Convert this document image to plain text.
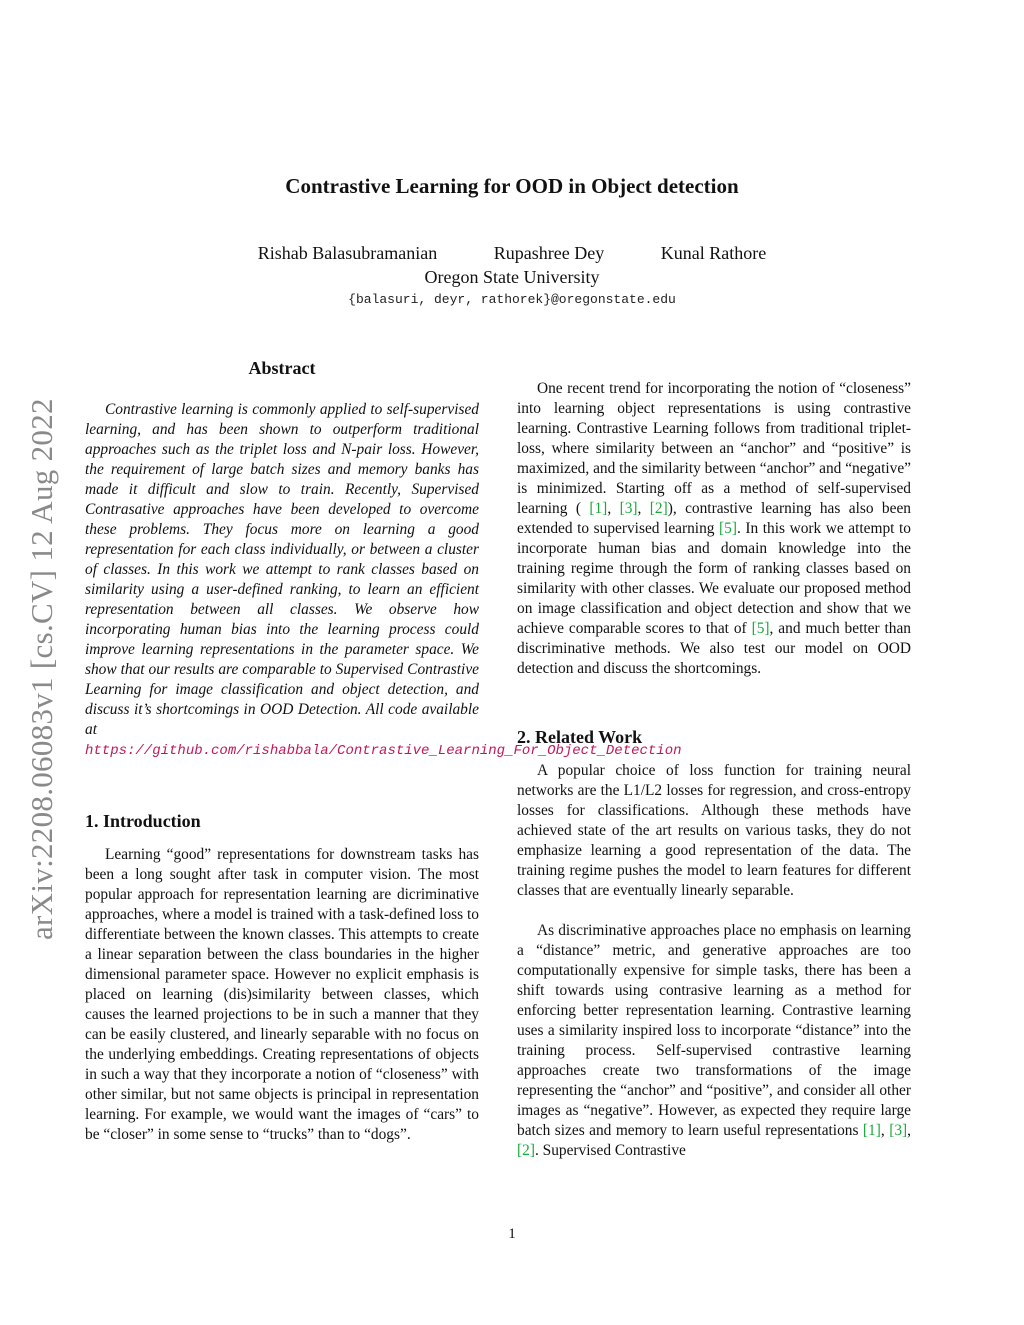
Contrastive Learning for OOD in Object detection
Rishab Balasubramanian	Rupashree Dey	Kunal Rathore
Oregon State University
{balasuri, deyr, rathorek}@oregonstate.edu
arXiv:2208.06083v1 [cs.CV] 12 Aug 2022
Abstract

Contrastive learning is commonly applied to self-supervised learning, and has been shown to outperform traditional approaches such as the triplet loss and N-pair loss. However, the requirement of large batch sizes and memory banks has made it difficult and slow to train. Recently, Supervised Contrasative approaches have been developed to overcome these problems. They focus more on learning a good representation for each class individually, or between a cluster of classes. In this work we attempt to rank classes based on similarity using a user-defined ranking, to learn an efficient representation between all classes. We observe how incorporating human bias into the learning process could improve learning representations in the parameter space. We show that our results are comparable to Supervised Contrastive Learning for image classification and object detection, and discuss it’s shortcomings in OOD Detection. All code available at https://github.com/rishabbala/Contrastive_Learning_For_Object_Detection

1. Introduction

Learning “good” representations for downstream tasks has been a long sought after task in computer vision. The most popular approach for representation learning are dicriminative approaches, where a model is trained with a task-defined loss to differentiate between the known classes. This attempts to create a linear separation between the class boundaries in the higher dimensional parameter space. However no explicit emphasis is placed on learning (dis)similarity between classes, which causes the learned projections to be in such a manner that they can be easily clustered, and linearly separable with no focus on the underlying embeddings. Creating representations of objects in such a way that they incorporate a notion of “closeness” with other similar, but not same objects is principal in representation learning. For example, we would want the images of “cars” to be “closer” in some sense to “trucks” than to “dogs”.

One recent trend for incorporating the notion of “closeness” into learning object representations is using contrastive learning. Contrastive Learning follows from traditional triplet-loss, where similarity between an “anchor” and “positive” is maximized, and the similarity between “anchor” and “negative” is minimized. Starting off as a method of self-supervised learning ( [1], [3], [2]), contrastive learning has also been extended to supervised learning [5]. In this work we attempt to incorporate human bias and domain knowledge into the training regime through the form of ranking classes based on similarity with other classes. We evaluate our proposed method on image classification and object detection and show that we achieve comparable scores to that of [5], and much better than discriminative methods. We also test our model on OOD detection and discuss the shortcomings.

2. Related Work

A popular choice of loss function for training neural networks are the L1/L2 losses for regression, and cross-entropy losses for classifications. Although these methods have achieved state of the art results on various tasks, they do not emphasize learning a good representation of the data. The training regime pushes the model to learn features for different classes that are eventually linearly separable.

As discriminative approaches place no emphasis on learning a “distance” metric, and generative approaches are too computationally expensive for simple tasks, there has been a shift towards using contrasive learning as a method for enforcing better representation learning. Contrastive learning uses a similarity inspired loss to incorporate “distance” into the training process. Self-supervised contrastive learning approaches create two transformations of the image representing the “anchor” and “positive”, and consider all other images as “negative”. However, as expected they require large batch sizes and memory to learn useful representations [1], [3], [2]. Supervised Contrastive

1
